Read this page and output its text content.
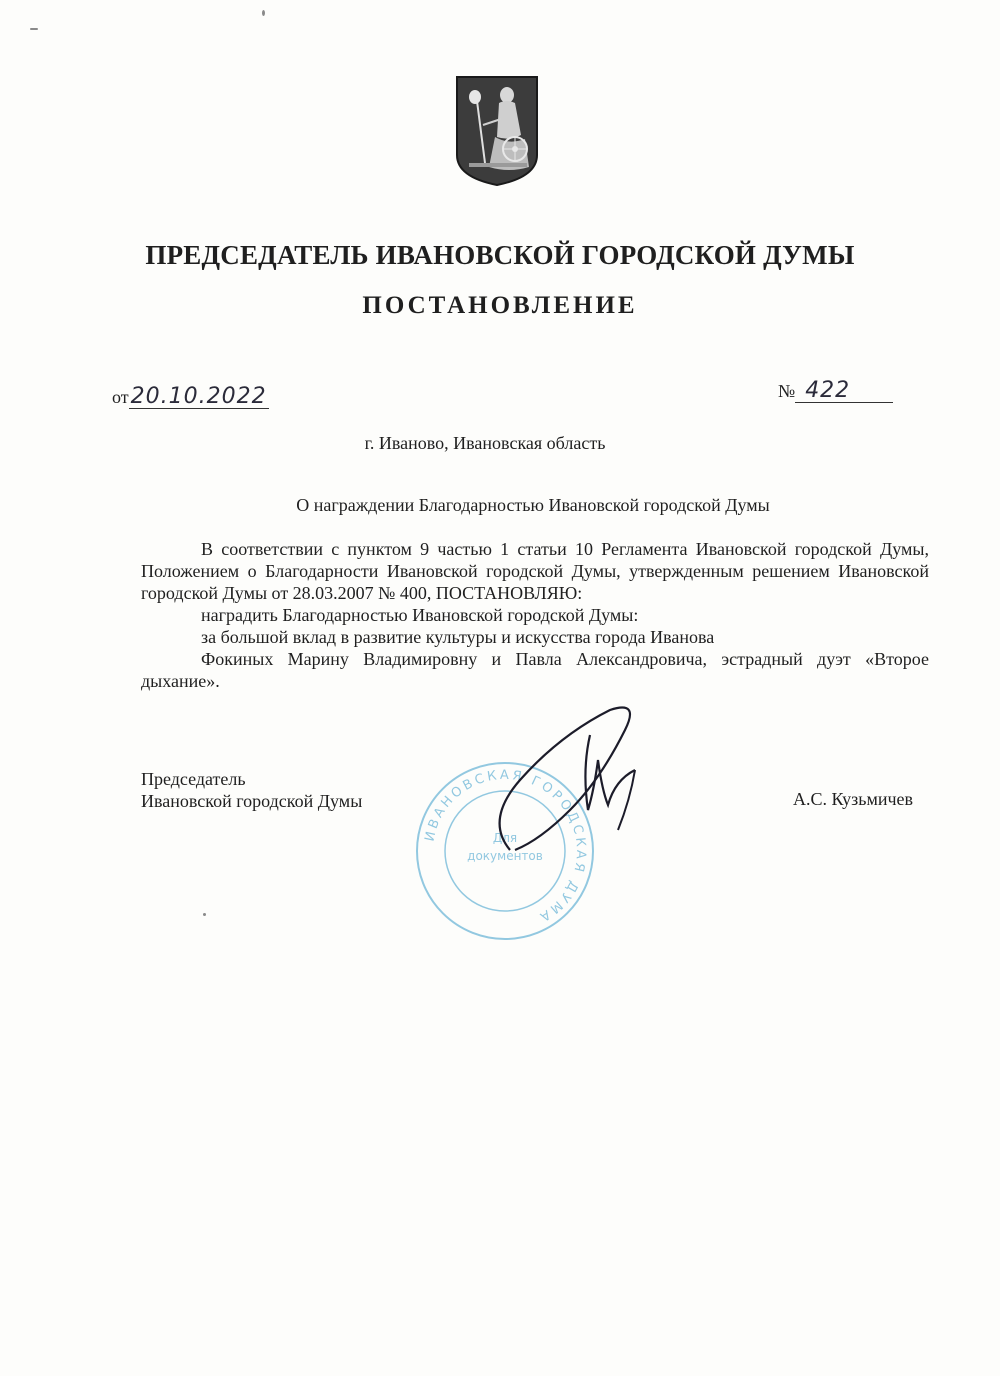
ПРЕДСЕДАТЕЛЬ ИВАНОВСКОЙ ГОРОДСКОЙ ДУМЫ
ПОСТАНОВЛЕНИЕ
от20.10.2022	№ 422
г. Иваново, Ивановская область
О награждении Благодарностью Ивановской городской Думы

В соответствии с пунктом 9 частью 1 статьи 10 Регламента Ивановской городской Думы, Положением о Благодарности Ивановской городской Думы, утвержденным решением Ивановской городской Думы от 28.03.2007 № 400, ПОСТАНОВЛЯЮ:

наградить Благодарностью Ивановской городской Думы:

за большой вклад в развитие культуры и искусства города Иванова

Фокиных Марину Владимировну и Павла Александровича, эстрадный дуэт «Второе дыхание».

Председатель
Ивановской городской Думы	А.С. Кузьмичев
ИВАНОВСКАЯ ГОРОДСКАЯ ДУМА
Для
документов
